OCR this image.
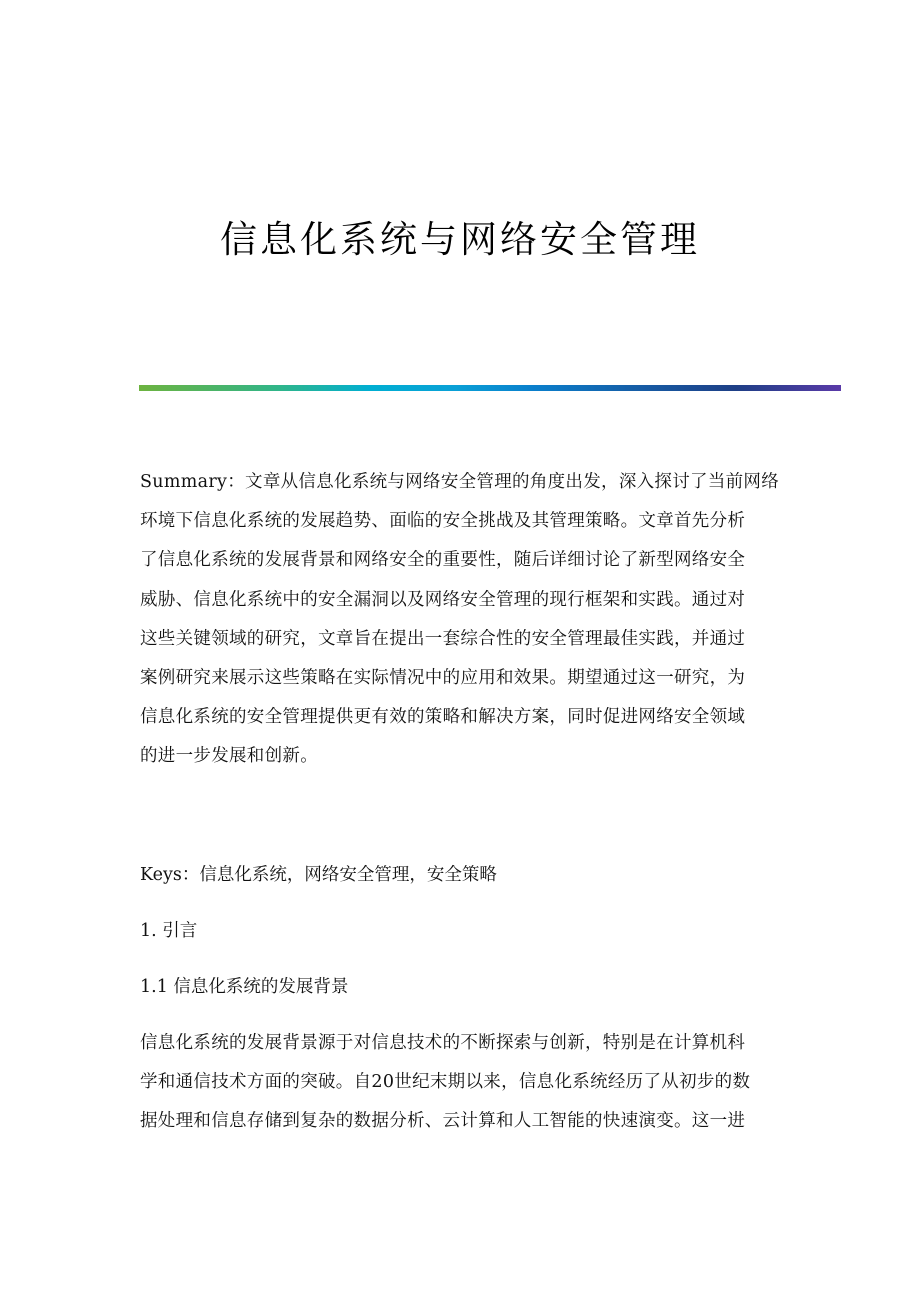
信息化系统与网络安全管理
Summary：文章从信息化系统与网络安全管理的角度出发，深入探讨了当前网络
环境下信息化系统的发展趋势、面临的安全挑战及其管理策略。文章首先分析
了信息化系统的发展背景和网络安全的重要性，随后详细讨论了新型网络安全
威胁、信息化系统中的安全漏洞以及网络安全管理的现行框架和实践。通过对
这些关键领域的研究，文章旨在提出一套综合性的安全管理最佳实践，并通过
案例研究来展示这些策略在实际情况中的应用和效果。期望通过这一研究，为
信息化系统的安全管理提供更有效的策略和解决方案，同时促进网络安全领域
的进一步发展和创新。
Keys：信息化系统，网络安全管理，安全策略
1. 引言
1.1 信息化系统的发展背景
信息化系统的发展背景源于对信息技术的不断探索与创新，特别是在计算机科
学和通信技术方面的突破。自20世纪末期以来，信息化系统经历了从初步的数
据处理和信息存储到复杂的数据分析、云计算和人工智能的快速演变。这一进
